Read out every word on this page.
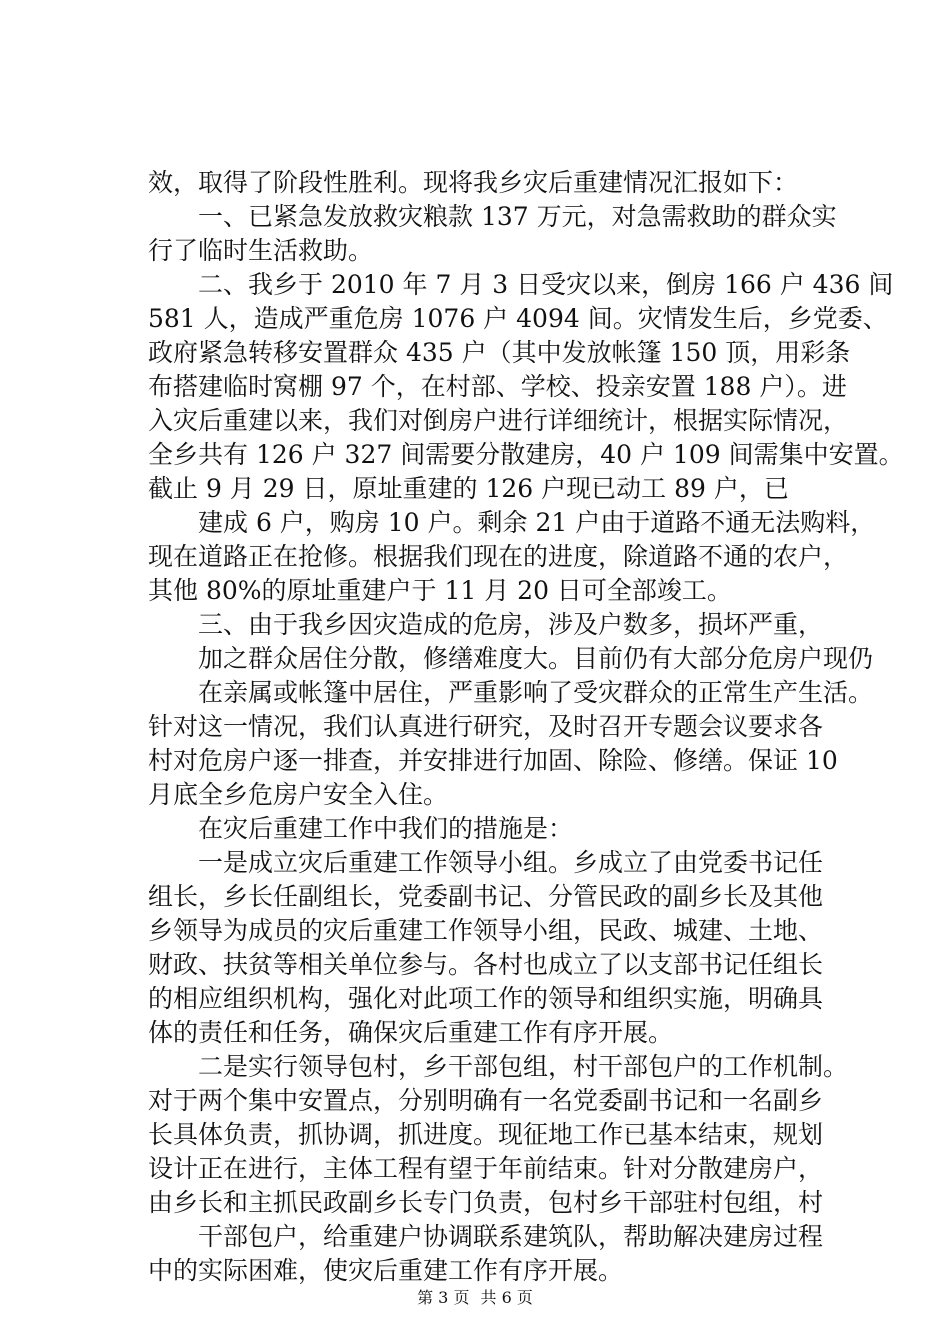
效，取得了阶段性胜利。现将我乡灾后重建情况汇报如下：
　　一、已紧急发放救灾粮款 137 万元，对急需救助的群众实
行了临时生活救助。
　　二、我乡于 2010 年 7 月 3 日受灾以来，倒房 166 户 436 间
581 人，造成严重危房 1076 户 4094 间。灾情发生后，乡党委、
政府紧急转移安置群众 435 户（其中发放帐篷 150 顶，用彩条
布搭建临时窝棚 97 个，在村部、学校、投亲安置 188 户）。进
入灾后重建以来，我们对倒房户进行详细统计，根据实际情况，
全乡共有 126 户 327 间需要分散建房，40 户 109 间需集中安置。
截止 9 月 29 日，原址重建的 126 户现已动工 89 户，已
　　建成 6 户，购房 10 户。剩余 21 户由于道路不通无法购料，
现在道路正在抢修。根据我们现在的进度，除道路不通的农户，
其他 80%的原址重建户于 11 月 20 日可全部竣工。
　　三、由于我乡因灾造成的危房，涉及户数多，损坏严重，
　　加之群众居住分散，修缮难度大。目前仍有大部分危房户现仍
　　在亲属或帐篷中居住，严重影响了受灾群众的正常生产生活。
针对这一情况，我们认真进行研究，及时召开专题会议要求各
村对危房户逐一排查，并安排进行加固、除险、修缮。保证 10
月底全乡危房户安全入住。
　　在灾后重建工作中我们的措施是：
　　一是成立灾后重建工作领导小组。乡成立了由党委书记任
组长，乡长任副组长，党委副书记、分管民政的副乡长及其他
乡领导为成员的灾后重建工作领导小组，民政、城建、土地、
财政、扶贫等相关单位参与。各村也成立了以支部书记任组长
的相应组织机构，强化对此项工作的领导和组织实施，明确具
体的责任和任务，确保灾后重建工作有序开展。
　　二是实行领导包村，乡干部包组，村干部包户的工作机制。
对于两个集中安置点，分别明确有一名党委副书记和一名副乡
长具体负责，抓协调，抓进度。现征地工作已基本结束，规划
设计正在进行，主体工程有望于年前结束。针对分散建房户，
由乡长和主抓民政副乡长专门负责，包村乡干部驻村包组，村
　　干部包户，给重建户协调联系建筑队，帮助解决建房过程
中的实际困难，使灾后重建工作有序开展。
第 3 页 共 6 页
